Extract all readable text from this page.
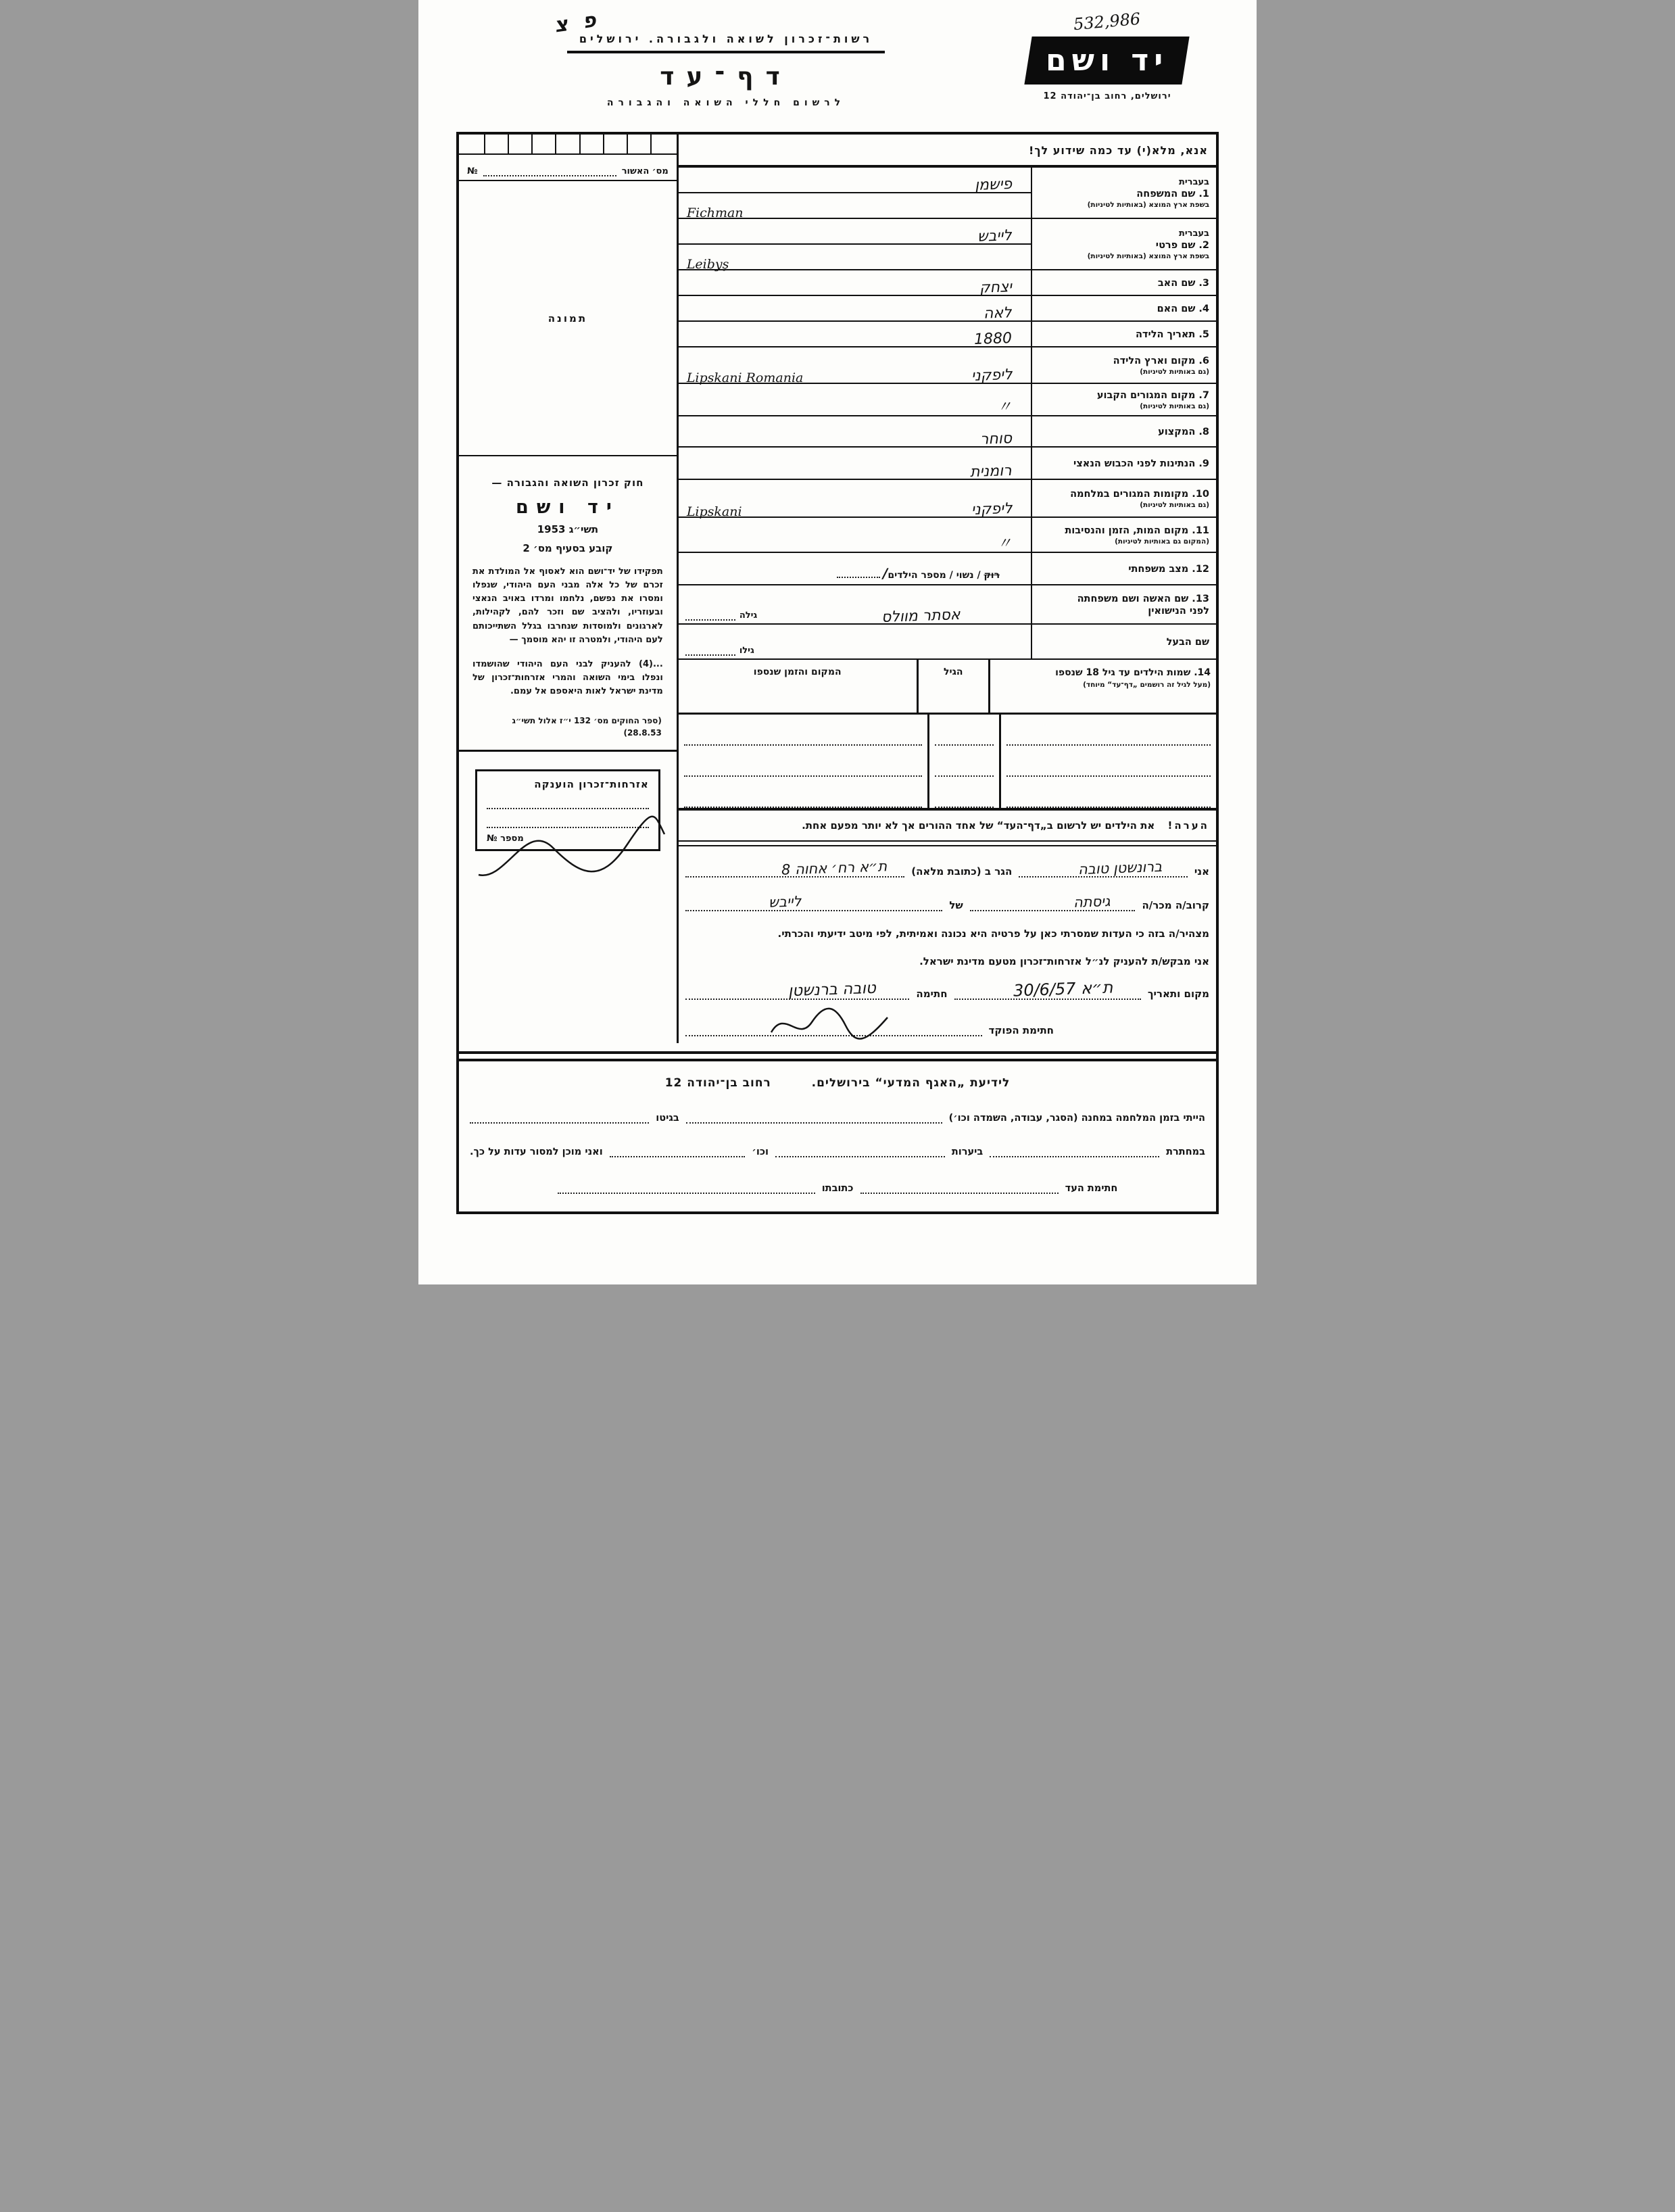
פ צ	532,986
יד ושם
ירושלים, רחוב בן־יהודה 12
רשות־זכרון לשואה ולגבורה. ירושלים
דף־עד
לרשום חללי השואה והגבורה
אנא, מלא(י) עד כמה שידוע לך!
בעברית
1. שם המשפחה
בשפת ארץ המוצא (באותיות לטיניות)
פישמן
Fichman
בעברית
2. שם פרטי
בשפת ארץ המוצא (באותיות לטיניות)
לייבש
Leibyş
3. שם האב
יצחק
4. שם האם
לאה
5. תאריך הלידה
1880
6. מקום וארץ הלידה
(גם באותיות לטיניות)
ליפקני
Lipskani Romania
7. מקום המגורים הקבוע
(גם באותיות לטיניות)
〃
8. המקצוע
סוחר
9. הנתינות לפני הכבוש הנאצי
רומנית
10. מקומות המגורים במלחמה
(גם באותיות לטיניות)
ליפקני
Lipskani
11. מקום המות, הזמן והנסיבות
(המקום גם באותיות לטיניות)
〃
12. מצב משפחתי
רוק / נשוי / מספר הילדים∕
13. שם האשה ושם משפחתה
לפני הנישואין
אסתר מוולס
גילה
שם הבעל
גילו
14. שמות הילדים עד גיל 18 שנספו
(מעל לגיל זה רושמים „דף־עד“ מיוחד)
הגיל
המקום והזמן שנספו
הערה! את הילדים יש לרשום ב„דף־העד“ של אחד ההורים אך לא יותר מפעם אחת.
אני
ברונשטן טובה
הגר ב (כתובת מלאה)
ת״א רח׳ אחוה 8
קרוב/ה מכר/ה
גיסתה
של
לייבש
מצהיר/ה בזה כי העדות שמסרתי כאן על פרטיה היא נכונה ואמיתית, לפי מיטב ידיעתי והכרתי.
אני מבקש/ת להעניק לנ״ל אזרחות־זכרון מטעם מדינת ישראל.
מקום ותאריך
ת״א 30/6/57
חתימה
טובה ברנשטן
חתימת הפוקד
מס׳ האשור
№
תמונה
חוק זכרון השואה והגבורה —
יד ושם
תשי״ג 1953
קובע בסעיף מס׳ 2
תפקידו של יד־ושם הוא לאסוף אל המולדת את זכרם של כל אלה מבני העם היהודי, שנפלו ומסרו את נפשם, נלחמו ומרדו באויב הנאצי ובעוזריו, ולהציב שם וזכר להם, לקהילות, לארגונים ולמוסדות שנחרבו בגלל השתייכותם לעם היהודי, ולמטרה זו יהא מוסמך —
...(4) להעניק לבני העם היהודי שהושמדו ונפלו בימי השואה והמרי אזרחות־זכרון של מדינת ישראל לאות היאספם אל עמם.
(ספר החוקים מס׳ 132 י״ז אלול תשי״ג 28.8.53)
אזרחות־זכרון הוענקה
מספר №
לידיעת „האגף המדעי“ בירושלים.  רחוב בן־יהודה 12
הייתי בזמן המלחמה במחנה (הסגר, עבודה, השמדה וכו׳)
בגיטו
במחתרת
ביערות
וכו׳
ואני מוכן למסור עדות על כך.
חתימת העד
כתובתו
